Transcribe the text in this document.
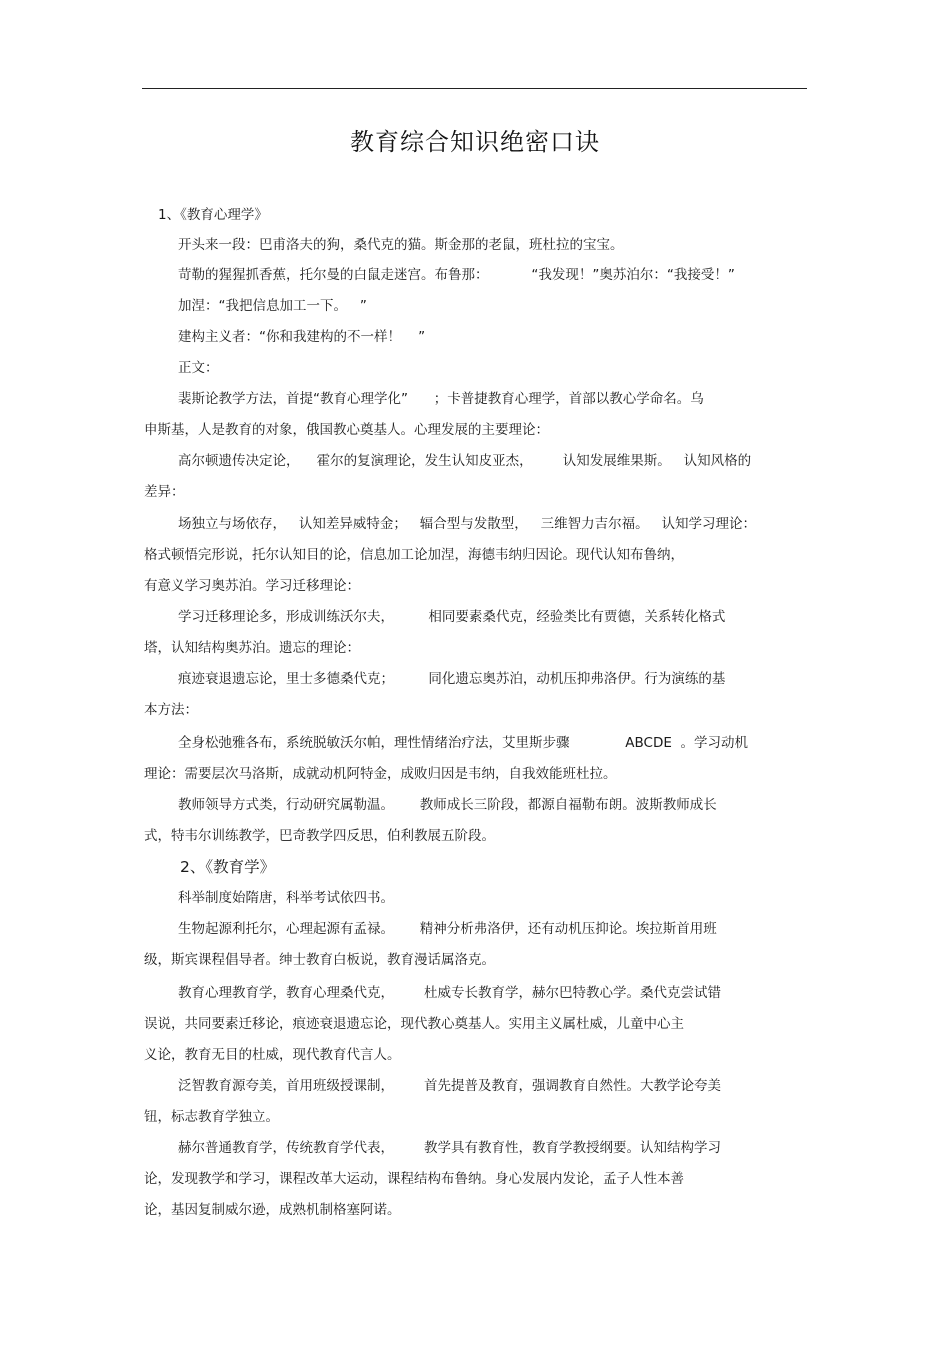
教育综合知识绝密口诀
1、《教育心理学》
开头来一段：巴甫洛夫的狗，桑代克的猫。斯金那的老鼠，班杜拉的宝宝。
苛勒的猩猩抓香蕉，托尔曼的白鼠走迷宫。布鲁那：          “我发现！”奥苏泊尔：“我接受！”
加涅：“我把信息加工一下。   ”
建构主义者：“你和我建构的不一样！    ”
正文：
裴斯论教学方法，首提“教育心理学化”      ；卡普捷教育心理学，首部以教心学命名。乌
申斯基，人是教育的对象，俄国教心奠基人。心理发展的主要理论：
高尔顿遗传决定论，    霍尔的复演理论，发生认知皮亚杰，       认知发展维果斯。   认知风格的
差异：
场独立与场依存，   认知差异威特金；   辐合型与发散型，   三维智力吉尔福。   认知学习理论：
格式顿悟完形说，托尔认知目的论，信息加工论加涅，海德韦纳归因论。现代认知布鲁纳，
有意义学习奥苏泊。学习迁移理论：
学习迁移理论多，形成训练沃尔夫，        相同要素桑代克，经验类比有贾德，关系转化格式
塔，认知结构奥苏泊。遗忘的理论：
痕迹衰退遗忘论，里士多德桑代克；        同化遗忘奥苏泊，动机压抑弗洛伊。行为演练的基
本方法：
全身松弛雅各布，系统脱敏沃尔帕，理性情绪治疗法，艾里斯步骤             ABCDE  。学习动机
理论：需要层次马洛斯，成就动机阿特金，成败归因是韦纳，自我效能班杜拉。
教师领导方式类，行动研究属勒温。      教师成长三阶段，都源自福勒布朗。波斯教师成长
式，特韦尔训练教学，巴奇教学四反思，伯利教展五阶段。
2、《教育学》
科举制度始隋唐，科举考试依四书。
生物起源利托尔，心理起源有孟禄。      精神分析弗洛伊，还有动机压抑论。埃拉斯首用班
级，斯宾课程倡导者。绅士教育白板说，教育漫话属洛克。
教育心理教育学，教育心理桑代克，       杜威专长教育学，赫尔巴特教心学。桑代克尝试错
误说，共同要素迁移论，痕迹衰退遗忘论，现代教心奠基人。实用主义属杜威，儿童中心主
义论，教育无目的杜威，现代教育代言人。
泛智教育源夸美，首用班级授课制，       首先提普及教育，强调教育自然性。大教学论夸美
钮，标志教育学独立。
赫尔普通教育学，传统教育学代表，       教学具有教育性，教育学教授纲要。认知结构学习
论，发现教学和学习，课程改革大运动，课程结构布鲁纳。身心发展内发论，孟子人性本善
论，基因复制威尔逊，成熟机制格塞阿诺。
